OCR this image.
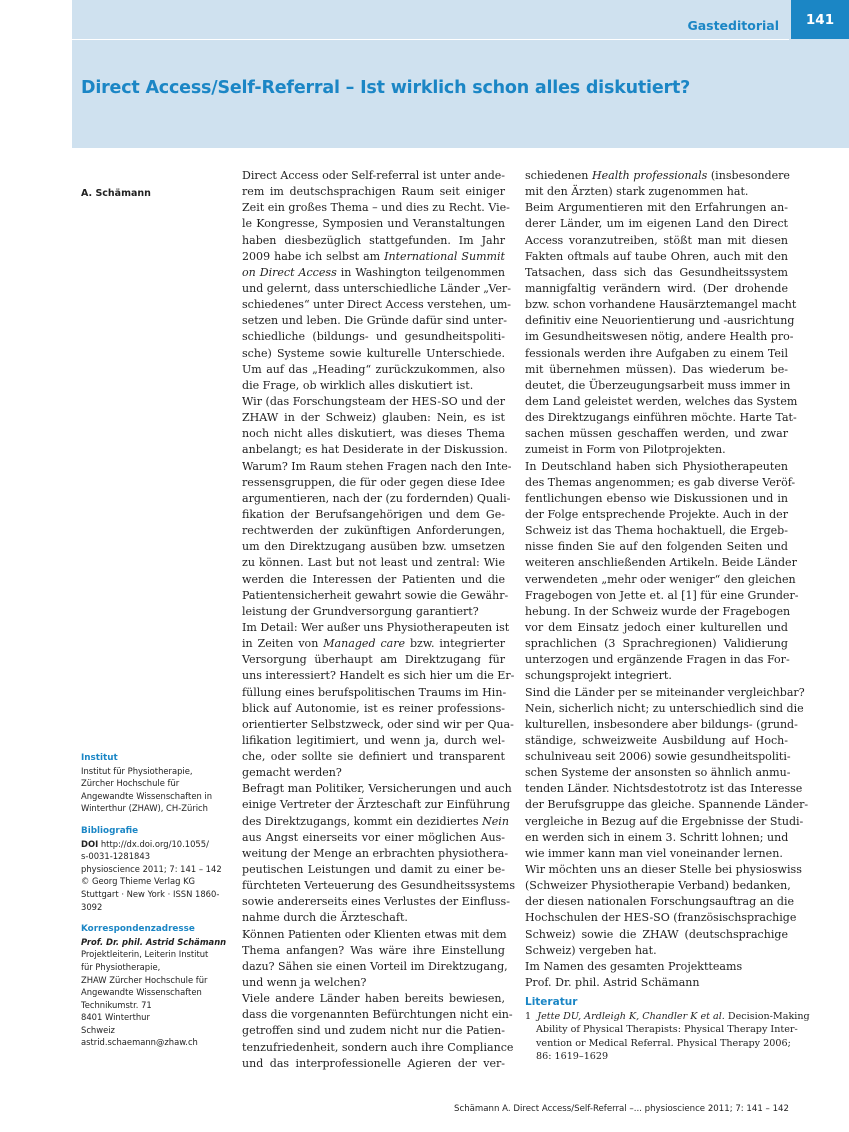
Gasteditorial	141
Direct Access/Self-Referral – Ist wirklich schon alles diskutiert?
A. Schämann
Institut
Institut für Physiotherapie,
Zürcher Hochschule für
Angewandte Wissenschaften in
Winterthur (ZHAW), CH-Zürich
Bibliografie
DOI http://dx.doi.org/10.1055/
s-0031-1281843
physioscience 2011; 7: 141 – 142
© Georg Thieme Verlag KG
Stuttgart · New York · ISSN 1860-
3092
Korrespondenzadresse
Prof. Dr. phil. Astrid Schämann
Projektleiterin, Leiterin Institut
für Physiotherapie,
ZHAW Zürcher Hochschule für
Angewandte Wissenschaften
Technikumstr. 71
8401 Winterthur
Schweiz
astrid.schaemann@zhaw.ch
Direct Access oder Self-referral ist unter ande-
rem im deutschsprachigen Raum seit einiger
Zeit ein großes Thema – und dies zu Recht. Vie-
le Kongresse, Symposien und Veranstaltungen
haben diesbezüglich stattgefunden. Im Jahr
2009 habe ich selbst am International Summit
on Direct Access in Washington teilgenommen
und gelernt, dass unterschiedliche Länder „Ver-
schiedenes“ unter Direct Access verstehen, um-
setzen und leben. Die Gründe dafür sind unter-
schiedliche (bildungs- und gesundheitspoliti-
sche) Systeme sowie kulturelle Unterschiede.
Um auf das „Heading“ zurückzukommen, also
die Frage, ob wirklich alles diskutiert ist.
Wir (das Forschungsteam der HES-SO und der
ZHAW in der Schweiz) glauben: Nein, es ist
noch nicht alles diskutiert, was dieses Thema
anbelangt; es hat Desiderate in der Diskussion.
Warum? Im Raum stehen Fragen nach den Inte-
ressensgruppen, die für oder gegen diese Idee
argumentieren, nach der (zu fordernden) Quali-
fikation der Berufsangehörigen und dem Ge-
rechtwerden der zukünftigen Anforderungen,
um den Direktzugang ausüben bzw. umsetzen
zu können. Last but not least und zentral: Wie
werden die Interessen der Patienten und die
Patientensicherheit gewahrt sowie die Gewähr-
leistung der Grundversorgung garantiert?
Im Detail: Wer außer uns Physiotherapeuten ist
in Zeiten von Managed care bzw. integrierter
Versorgung überhaupt am Direktzugang für
uns interessiert? Handelt es sich hier um die Er-
füllung eines berufspolitischen Traums im Hin-
blick auf Autonomie, ist es reiner professions-
orientierter Selbstzweck, oder sind wir per Qua-
lifikation legitimiert, und wenn ja, durch wel-
che, oder sollte sie definiert und transparent
gemacht werden?
Befragt man Politiker, Versicherungen und auch
einige Vertreter der Ärzteschaft zur Einführung
des Direktzugangs, kommt ein dezidiertes Nein
aus Angst einerseits vor einer möglichen Aus-
weitung der Menge an erbrachten physiothera-
peutischen Leistungen und damit zu einer be-
fürchteten Verteuerung des Gesundheitssystems
sowie andererseits eines Verlustes der Einfluss-
nahme durch die Ärzteschaft.
Können Patienten oder Klienten etwas mit dem
Thema anfangen? Was wäre ihre Einstellung
dazu? Sähen sie einen Vorteil im Direktzugang,
und wenn ja welchen?
Viele andere Länder haben bereits bewiesen,
dass die vorgenannten Befürchtungen nicht ein-
getroffen sind und zudem nicht nur die Patien-
tenzufriedenheit, sondern auch ihre Compliance
und das interprofessionelle Agieren der ver-
schiedenen Health professionals (insbesondere
mit den Ärzten) stark zugenommen hat.
Beim Argumentieren mit den Erfahrungen an-
derer Länder, um im eigenen Land den Direct
Access voranzutreiben, stößt man mit diesen
Fakten oftmals auf taube Ohren, auch mit den
Tatsachen, dass sich das Gesundheitssystem
mannigfaltig verändern wird. (Der drohende
bzw. schon vorhandene Hausärztemangel macht
definitiv eine Neuorientierung und -ausrichtung
im Gesundheitswesen nötig, andere Health pro-
fessionals werden ihre Aufgaben zu einem Teil
mit übernehmen müssen). Das wiederum be-
deutet, die Überzeugungsarbeit muss immer in
dem Land geleistet werden, welches das System
des Direktzugangs einführen möchte. Harte Tat-
sachen müssen geschaffen werden, und zwar
zumeist in Form von Pilotprojekten.
In Deutschland haben sich Physiotherapeuten
des Themas angenommen; es gab diverse Veröf-
fentlichungen ebenso wie Diskussionen und in
der Folge entsprechende Projekte. Auch in der
Schweiz ist das Thema hochaktuell, die Ergeb-
nisse finden Sie auf den folgenden Seiten und
weiteren anschließenden Artikeln. Beide Länder
verwendeten „mehr oder weniger“ den gleichen
Fragebogen von Jette et. al [1] für eine Grunder-
hebung. In der Schweiz wurde der Fragebogen
vor dem Einsatz jedoch einer kulturellen und
sprachlichen (3 Sprachregionen) Validierung
unterzogen und ergänzende Fragen in das For-
schungsprojekt integriert.
Sind die Länder per se miteinander vergleichbar?
Nein, sicherlich nicht; zu unterschiedlich sind die
kulturellen, insbesondere aber bildungs- (grund-
ständige, schweizweite Ausbildung auf Hoch-
schulniveau seit 2006) sowie gesundheitspoliti-
schen Systeme der ansonsten so ähnlich anmu-
tenden Länder. Nichtsdestotrotz ist das Interesse
der Berufsgruppe das gleiche. Spannende Länder-
vergleiche in Bezug auf die Ergebnisse der Studi-
en werden sich in einem 3. Schritt lohnen; und
wie immer kann man viel voneinander lernen.
Wir möchten uns an dieser Stelle bei physioswiss
(Schweizer Physiotherapie Verband) bedanken,
der diesen nationalen Forschungsauftrag an die
Hochschulen der HES-SO (französischsprachige
Schweiz) sowie die ZHAW (deutschsprachige
Schweiz) vergeben hat.
Im Namen des gesamten Projektteams
Prof. Dr. phil. Astrid Schämann
Literatur
1 Jette DU, Ardleigh K, Chandler K et al. Decision-Making
Ability of Physical Therapists: Physical Therapy Inter-
vention or Medical Referral. Physical Therapy 2006;
86: 1619–1629
Schämann A. Direct Access/Self-Referral –... physioscience 2011; 7: 141 – 142
